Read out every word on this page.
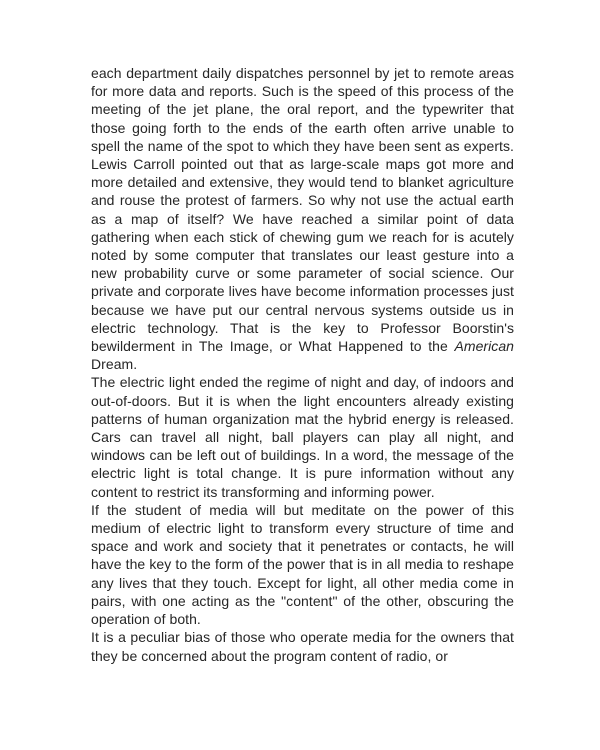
each department daily dispatches personnel by jet to remote areas for more data and reports. Such is the speed of this process of the meeting of the jet plane, the oral report, and the typewriter that those going forth to the ends of the earth often arrive unable to spell the name of the spot to which they have been sent as experts. Lewis Carroll pointed out that as large-scale maps got more and more detailed and extensive, they would tend to blanket agriculture and rouse the protest of farmers. So why not use the actual earth as a map of itself? We have reached a similar point of data gathering when each stick of chewing gum we reach for is acutely noted by some computer that translates our least gesture into a new probability curve or some parameter of social science. Our private and corporate lives have become information processes just because we have put our central nervous systems outside us in electric technology. That is the key to Professor Boorstin's bewilderment in The Image, or What Happened to the American Dream.

The electric light ended the regime of night and day, of indoors and out-of-doors. But it is when the light encounters already existing patterns of human organization mat the hybrid energy is released. Cars can travel all night, ball players can play all night, and windows can be left out of buildings. In a word, the message of the electric light is total change. It is pure information without any content to restrict its transforming and informing power.

If the student of media will but meditate on the power of this medium of electric light to transform every structure of time and space and work and society that it penetrates or contacts, he will have the key to the form of the power that is in all media to reshape any lives that they touch. Except for light, all other media come in pairs, with one acting as the "content" of the other, obscuring the operation of both.

It is a peculiar bias of those who operate media for the owners that they be concerned about the program content of radio, or
